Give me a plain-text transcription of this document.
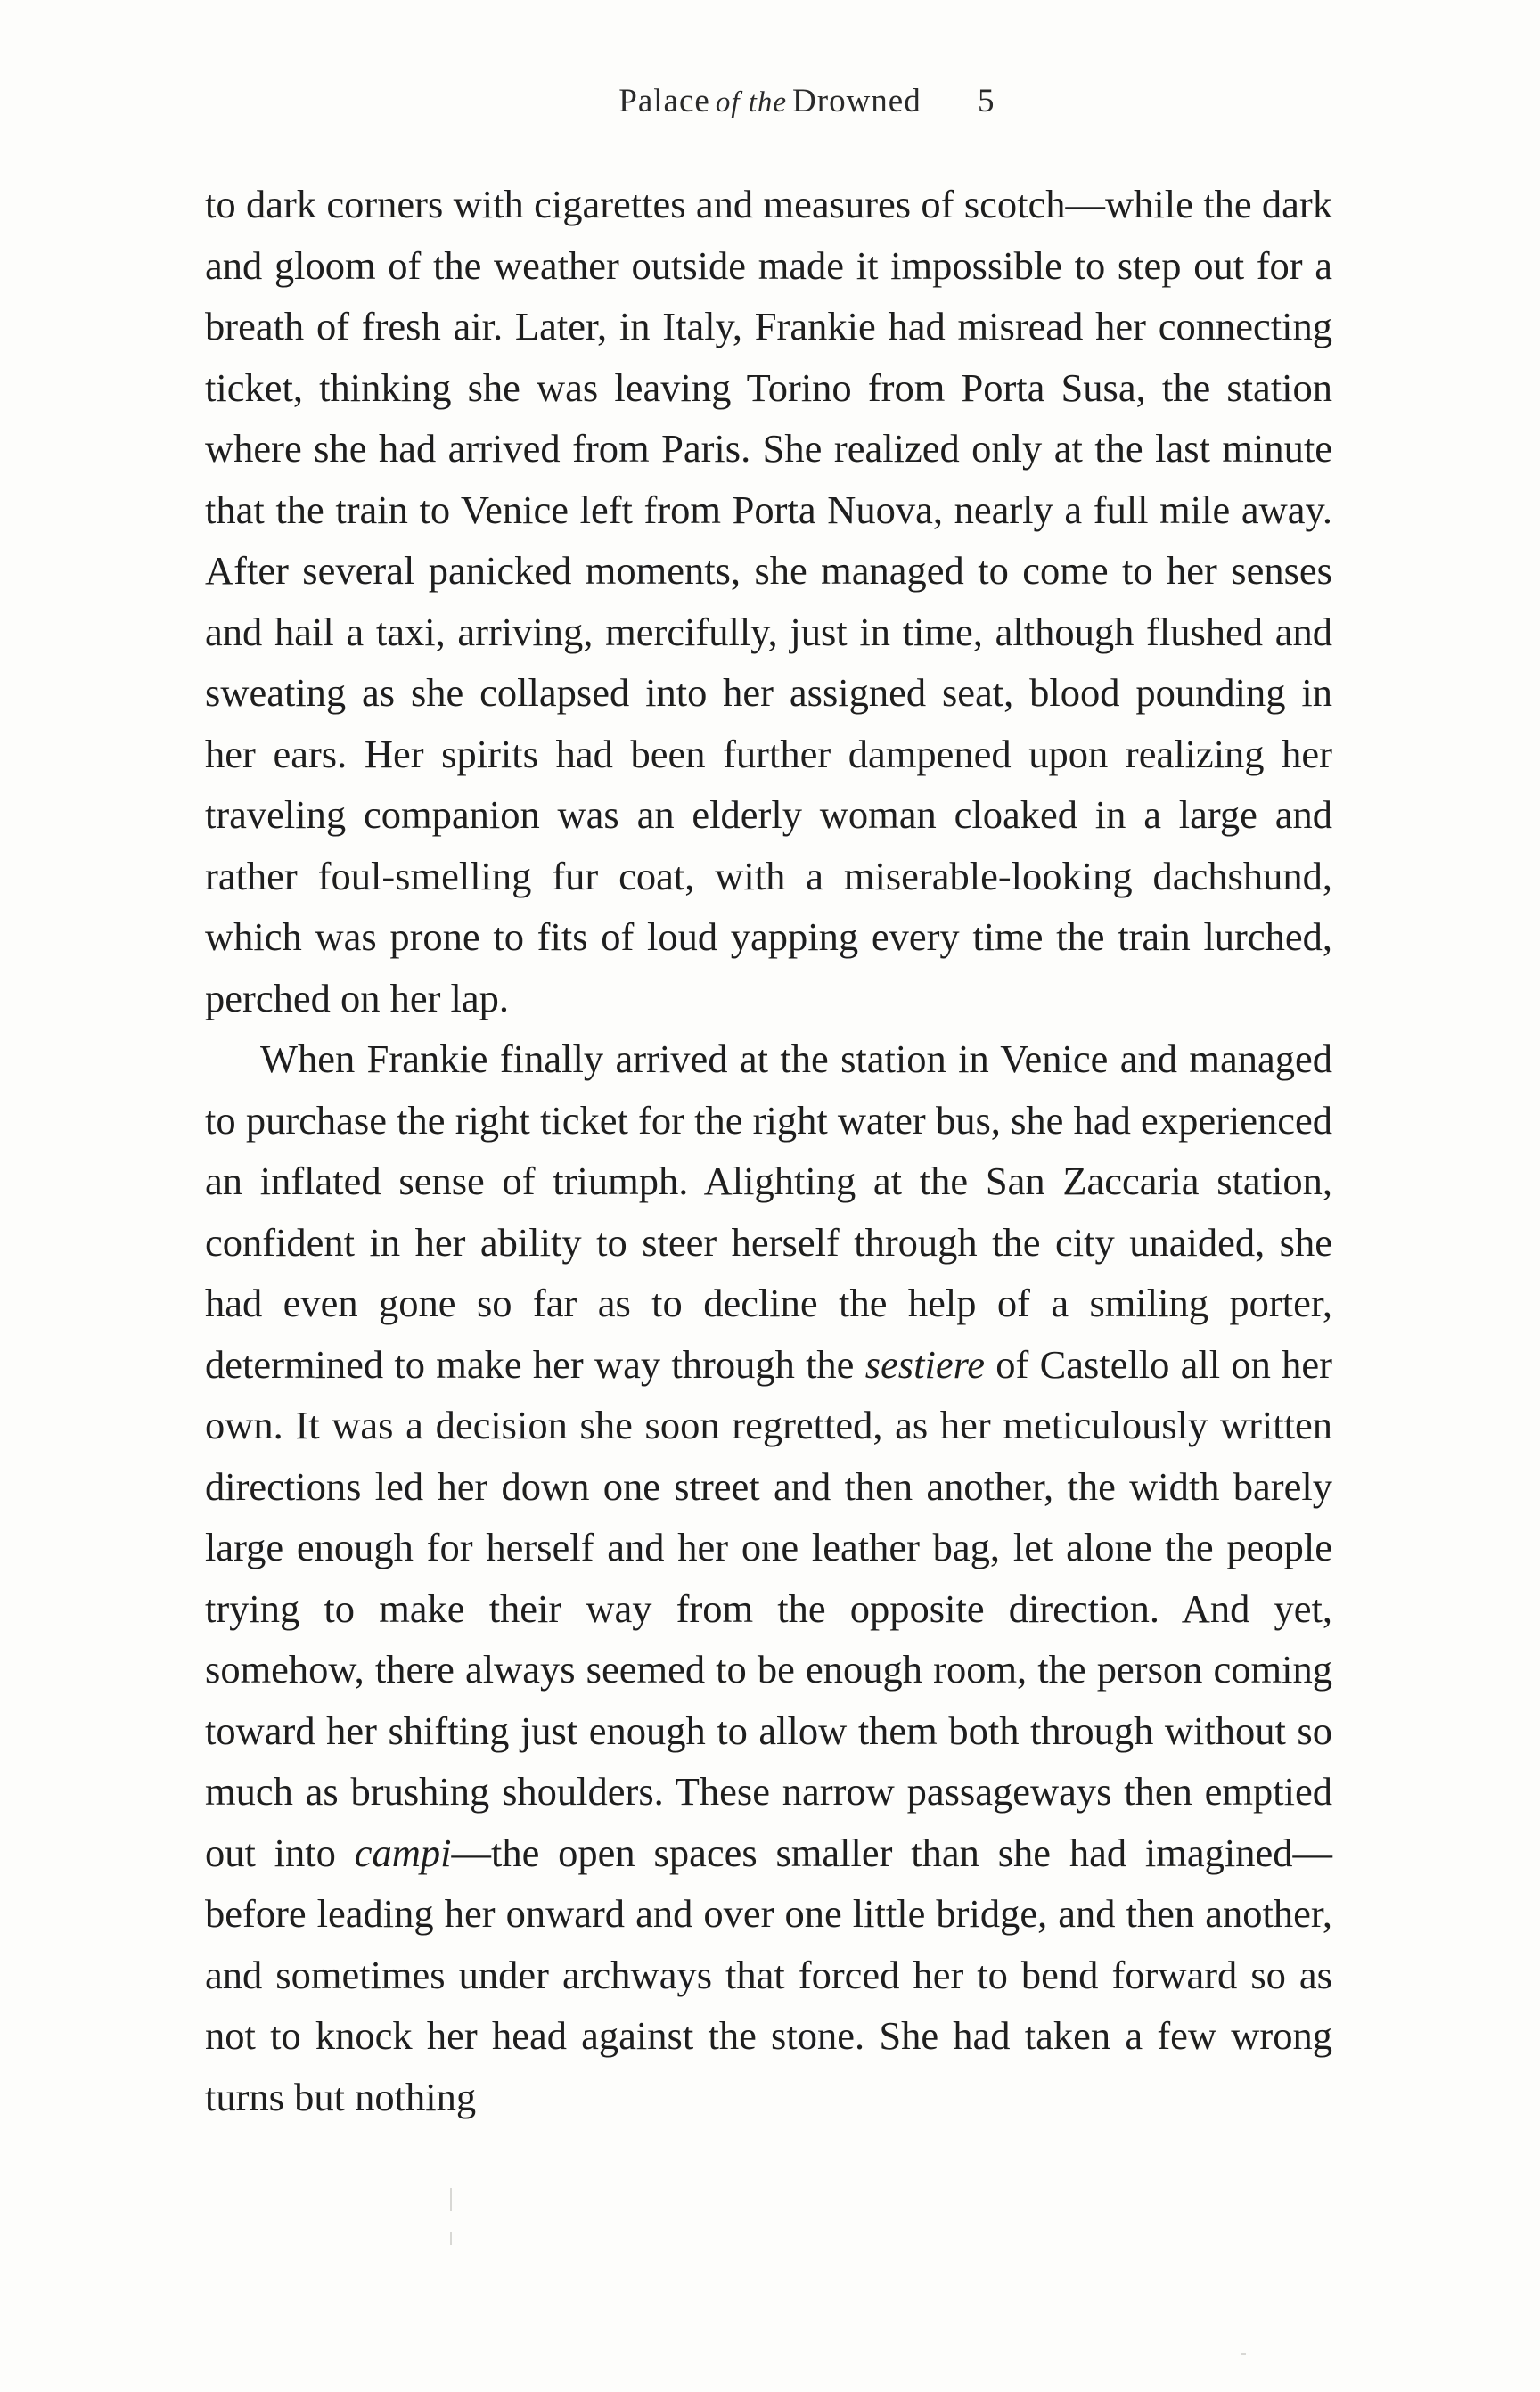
Palace of the Drowned 5

to dark corners with cigarettes and measures of scotch—while the dark and gloom of the weather outside made it impossible to step out for a breath of fresh air. Later, in Italy, Frankie had misread her connecting ticket, thinking she was leaving Torino from Porta Susa, the station where she had arrived from Paris. She realized only at the last minute that the train to Venice left from Porta Nuova, nearly a full mile away. After several panicked moments, she managed to come to her senses and hail a taxi, arriving, mercifully, just in time, although flushed and sweating as she collapsed into her assigned seat, blood pounding in her ears. Her spirits had been further dampened upon realizing her traveling companion was an elderly woman cloaked in a large and rather foul-smelling fur coat, with a miserable-looking dachshund, which was prone to fits of loud yapping every time the train lurched, perched on her lap.

When Frankie finally arrived at the station in Venice and managed to purchase the right ticket for the right water bus, she had experienced an inflated sense of triumph. Alighting at the San Zaccaria station, confident in her ability to steer herself through the city unaided, she had even gone so far as to decline the help of a smiling porter, determined to make her way through the sestiere of Castello all on her own. It was a decision she soon regretted, as her meticulously written directions led her down one street and then another, the width barely large enough for herself and her one leather bag, let alone the people trying to make their way from the opposite direction. And yet, somehow, there always seemed to be enough room, the person coming toward her shifting just enough to allow them both through without so much as brushing shoulders. These narrow passageways then emptied out into campi—the open spaces smaller than she had imagined—before leading her onward and over one little bridge, and then another, and sometimes under archways that forced her to bend forward so as not to knock her head against the stone. She had taken a few wrong turns but nothing
